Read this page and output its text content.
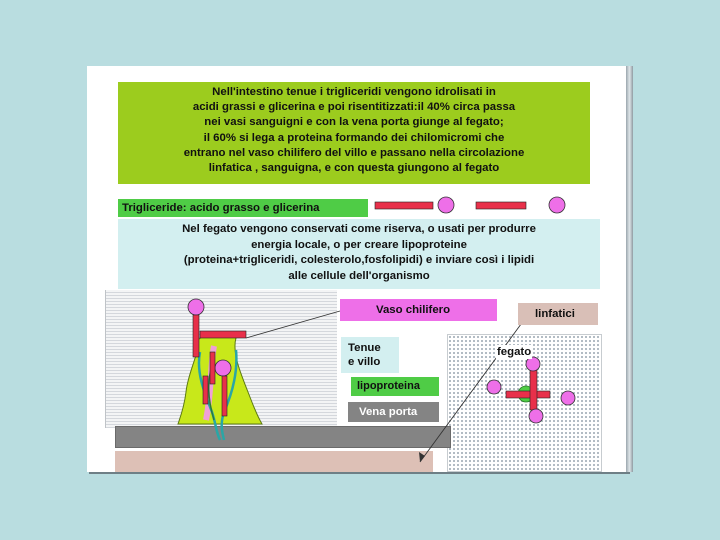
Nell'intestino tenue i trigliceridi vengono idrolisati in
acidi grassi e glicerina e poi risentitizzati:il 40% circa passa
nei vasi sanguigni e con la vena porta giunge al fegato;
il 60% si lega a proteina formando dei chilomicromi che
entrano nel vaso chilifero del villo e passano nella circolazione
linfatica , sanguigna, e con questa giungono al fegato
Trigliceride: acido grasso e glicerina
Nel fegato vengono conservati come riserva, o usati per produrre
energia locale, o per creare lipoproteine
(proteina+trigliceridi, colesterolo,fosfolipidi) e inviare così i lipidi
alle cellule dell'organismo
Vaso chilifero	linfatici
Tenue
e villo
lipoproteina
Vena porta
fegato
